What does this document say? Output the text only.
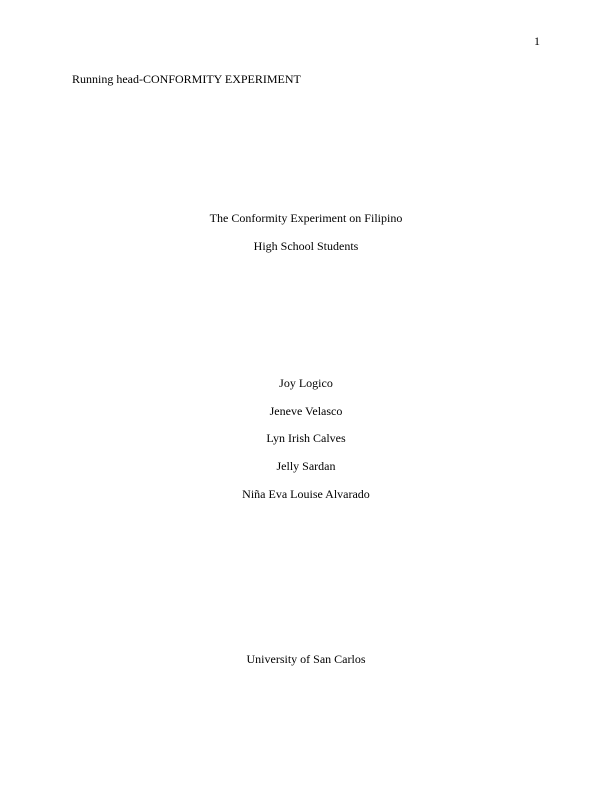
1
Running head-CONFORMITY EXPERIMENT
The Conformity Experiment on Filipino
High School Students
Joy Logico
Jeneve Velasco
Lyn Irish Calves
Jelly Sardan
Niña Eva Louise Alvarado
University of San Carlos
